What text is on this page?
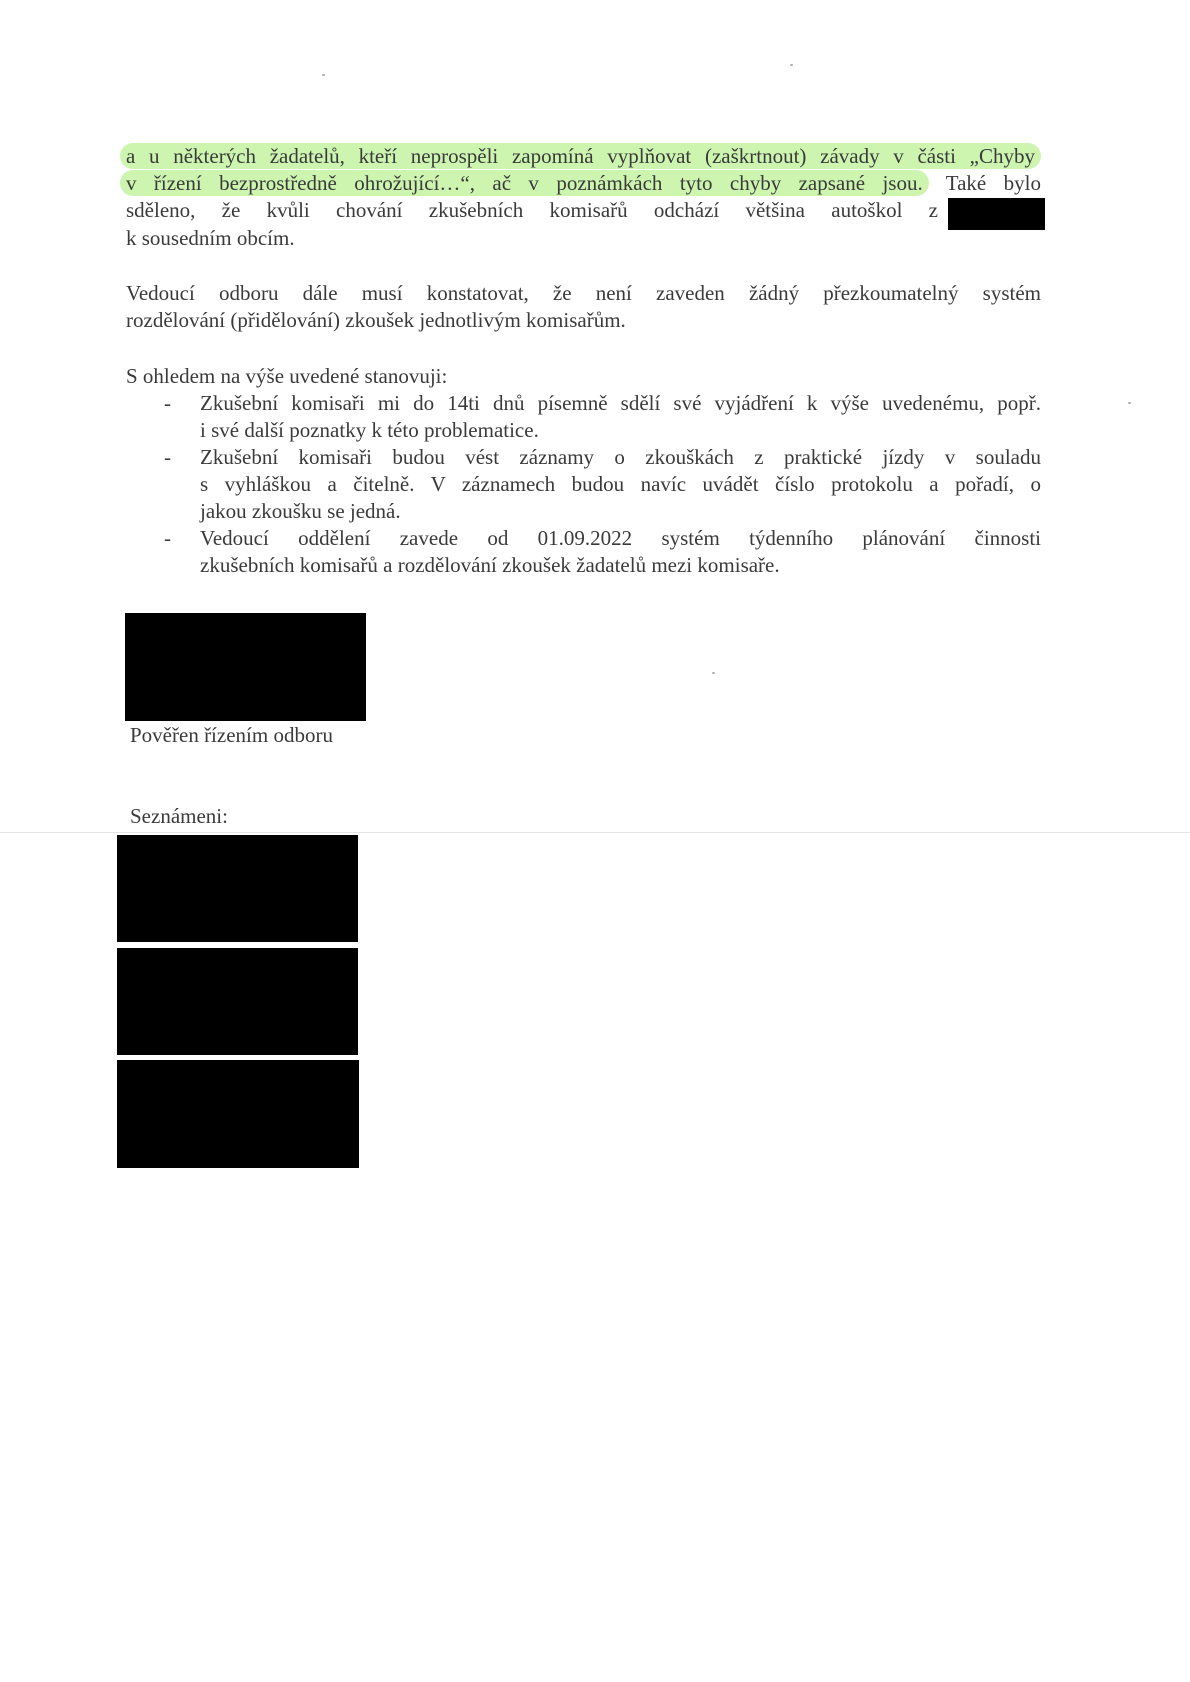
a u některých žadatelů, kteří neprospěli zapomíná vyplňovat (zaškrtnout) závady v části „Chyby
v řízení bezprostředně ohrožující…“, ač v poznámkách tyto chyby zapsané jsou. Také bylo
sděleno, že kvůli chování zkušebních komisařů odchází většina autoškol z
k sousedním obcím.
Vedoucí odboru dále musí konstatovat, že není zaveden žádný přezkoumatelný systém
rozdělování (přidělování) zkoušek jednotlivým komisařům.
S ohledem na výše uvedené stanovuji:
- Zkušební komisaři mi do 14ti dnů písemně sdělí své vyjádření k výše uvedenému, popř.
i své další poznatky k této problematice.
- Zkušební komisaři budou vést záznamy o zkouškách z praktické jízdy v souladu
s vyhláškou a čitelně. V záznamech budou navíc uvádět číslo protokolu a pořadí, o
jakou zkoušku se jedná.
- Vedoucí oddělení zavede od 01.09.2022 systém týdenního plánování činnosti
zkušebních komisařů a rozdělování zkoušek žadatelů mezi komisaře.
Pověřen řízením odboru
Seznámeni:
